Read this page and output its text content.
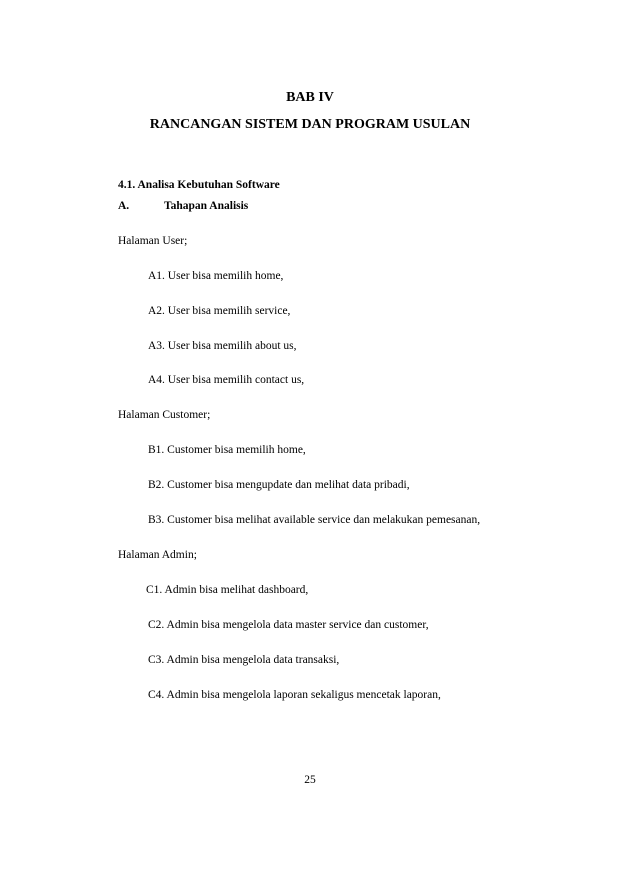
BAB IV
RANCANGAN SISTEM DAN PROGRAM USULAN
4.1. Analisa Kebutuhan Software
A.	Tahapan Analisis
Halaman User;
A1. User bisa memilih home,
A2. User bisa memilih service,
A3. User bisa memilih about us,
A4. User bisa memilih contact us,
Halaman Customer;
B1. Customer bisa memilih home,
B2. Customer bisa mengupdate dan melihat data pribadi,
B3. Customer bisa melihat available service dan melakukan pemesanan,
Halaman Admin;
C1. Admin bisa melihat dashboard,
C2. Admin bisa mengelola data master service dan customer,
C3. Admin bisa mengelola data transaksi,
C4. Admin bisa mengelola laporan sekaligus mencetak laporan,
25
